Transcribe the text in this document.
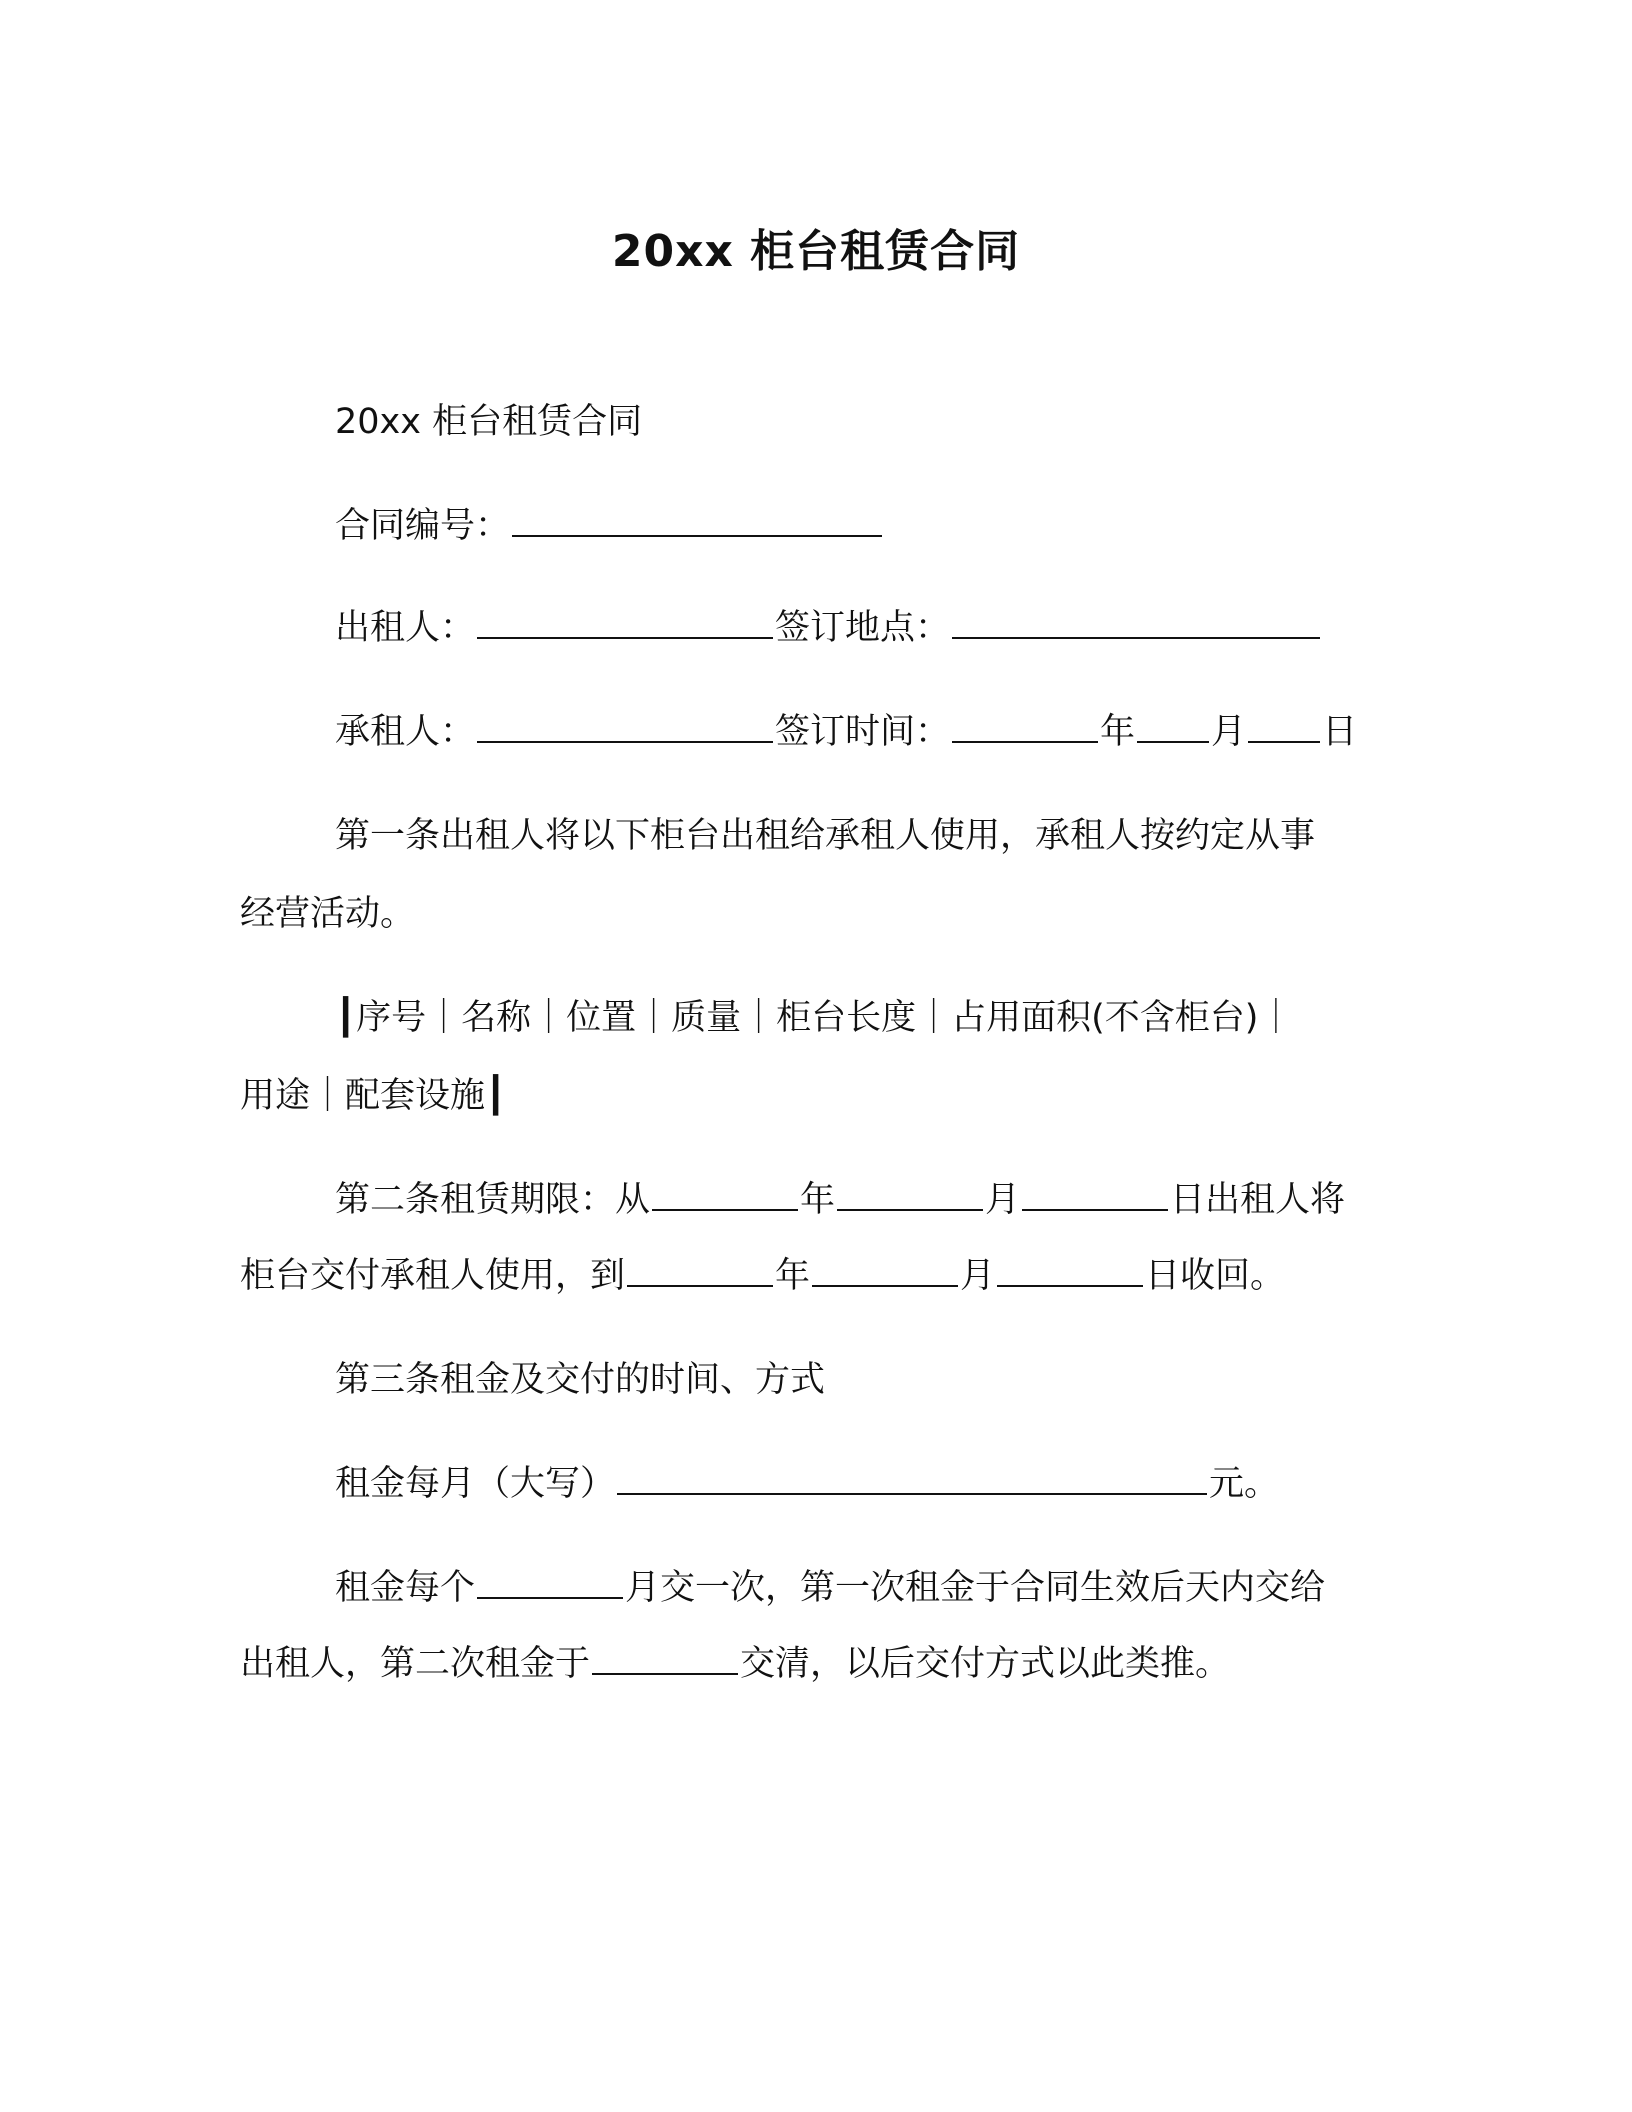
20xx 柜台租赁合同
20xx 柜台租赁合同
合同编号：
出租人：	签订地点：
承租人：	签订时间：	年 月 日
第一条出租人将以下柜台出租给承租人使用，承租人按约定从事
经营活动。
┃序号｜名称｜位置｜质量｜柜台长度｜占用面积(不含柜台)｜
用途｜配套设施┃
第二条租赁期限：从	年	月	日出租人将
柜台交付承租人使用，到	年	月	日收回。
第三条租金及交付的时间、方式
租金每月（大写）	元。
租金每个	月交一次，第一次租金于合同生效后天内交给
出租人，第二次租金于	交清，以后交付方式以此类推。
